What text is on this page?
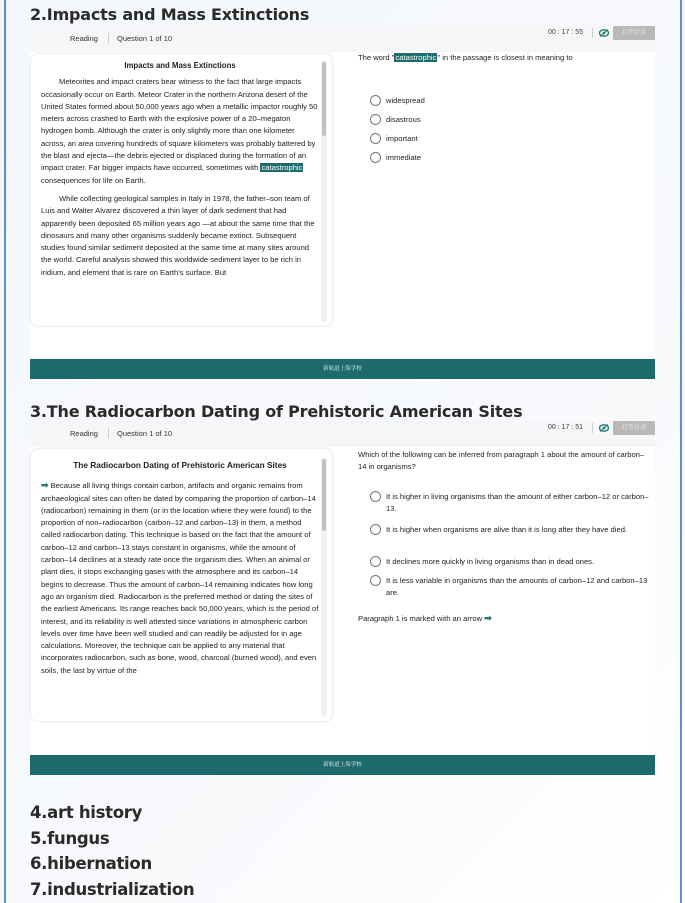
2.Impacts and Mass Extinctions
Reading	Question 1 of 10
00 : 17 : 55	打开目录
Impacts and Mass Extinctions

Meteorites and impact craters bear witness to the fact that large impacts occasionally occur on Earth. Meteor Crater in the northern Arizona desert of the United States formed about 50,000 years ago when a metallic impactor roughly 50 meters across crashed to Earth with the explosive power of a 20–megaton hydrogen bomb. Although the crater is only slightly more than one kilometer across, an area covering hundreds of square kilometers was probably battered by the blast and ejecta—the debris ejected or displaced during the formation of an impact crater. Far bigger impacts have occurred, sometimes with catastrophic consequences for life on Earth.

While collecting geological samples in Italy in 1978, the father–son team of Luis and Walter Alvarez discovered a thin layer of dark sediment that had apparently been deposited 65 million years ago —at about the same time that the dinosaurs and many other organisms suddenly became extinct. Subsequent studies found similar sediment deposited at the same time at many sites around the world. Careful analysis showed this worldwide sediment layer to be rich in iridium, and element that is rare on Earth’s surface. But

The word "catastrophic" in the passage is closest in meaning to
widespread
disastrous
important
immediate
新航道上海学校
3.The Radiocarbon Dating of Prehistoric American Sites
Reading	Question 1 of 10
00 : 17 : 51	打开目录
The Radiocarbon Dating of Prehistoric American Sites

➡ Because all living things contain carbon, artifacts and organic remains from archaeological sites can often be dated by comparing the proportion of carbon–14 (radiocarbon) remaining in them (or in the location where they were found) to the proportion of non–radiocarbon (carbon–12 and carbon–13) in them, a method called radiocarbon dating. This technique is based on the fact that the amount of carbon–12 and carbon–13 stays constant in organisms, while the amount of carbon–14 declines at a steady rate once the organism dies. When an animal or plant dies, it stops exchanging gases with the atmosphere and its carbon–14 begins to decrease. Thus the amount of carbon–14 remaining indicates how long ago an organism died. Radiocarbon is the preferred method or dating the sites of the earliest Americans. Its range reaches back 50,000 years, which is the period of interest, and its reliability is well attested since variations in atmospheric carbon levels over time have been well studied and can readily be adjusted for in age calculations. Moreover, the technique can be applied to any material that incorporates radiocarbon, such as bone, wood, charcoal (burned wood), and even soils, the last by virtue of the

Which of the following can be inferred from paragraph 1 about the amount of carbon–14 in organisms?
It is higher in living organisms than the amount of either carbon–12 or carbon–13.
It is higher when organisms are alive than it is long after they have died.
It declines more quickly in living organisms than in dead ones.
It is less variable in organisms than the amounts of carbon–12 and carbon–13 are.
Paragraph 1 is marked with an arrow ➡
新航道上海学校
4.art history
5.fungus
6.hibernation
7.industrialization
